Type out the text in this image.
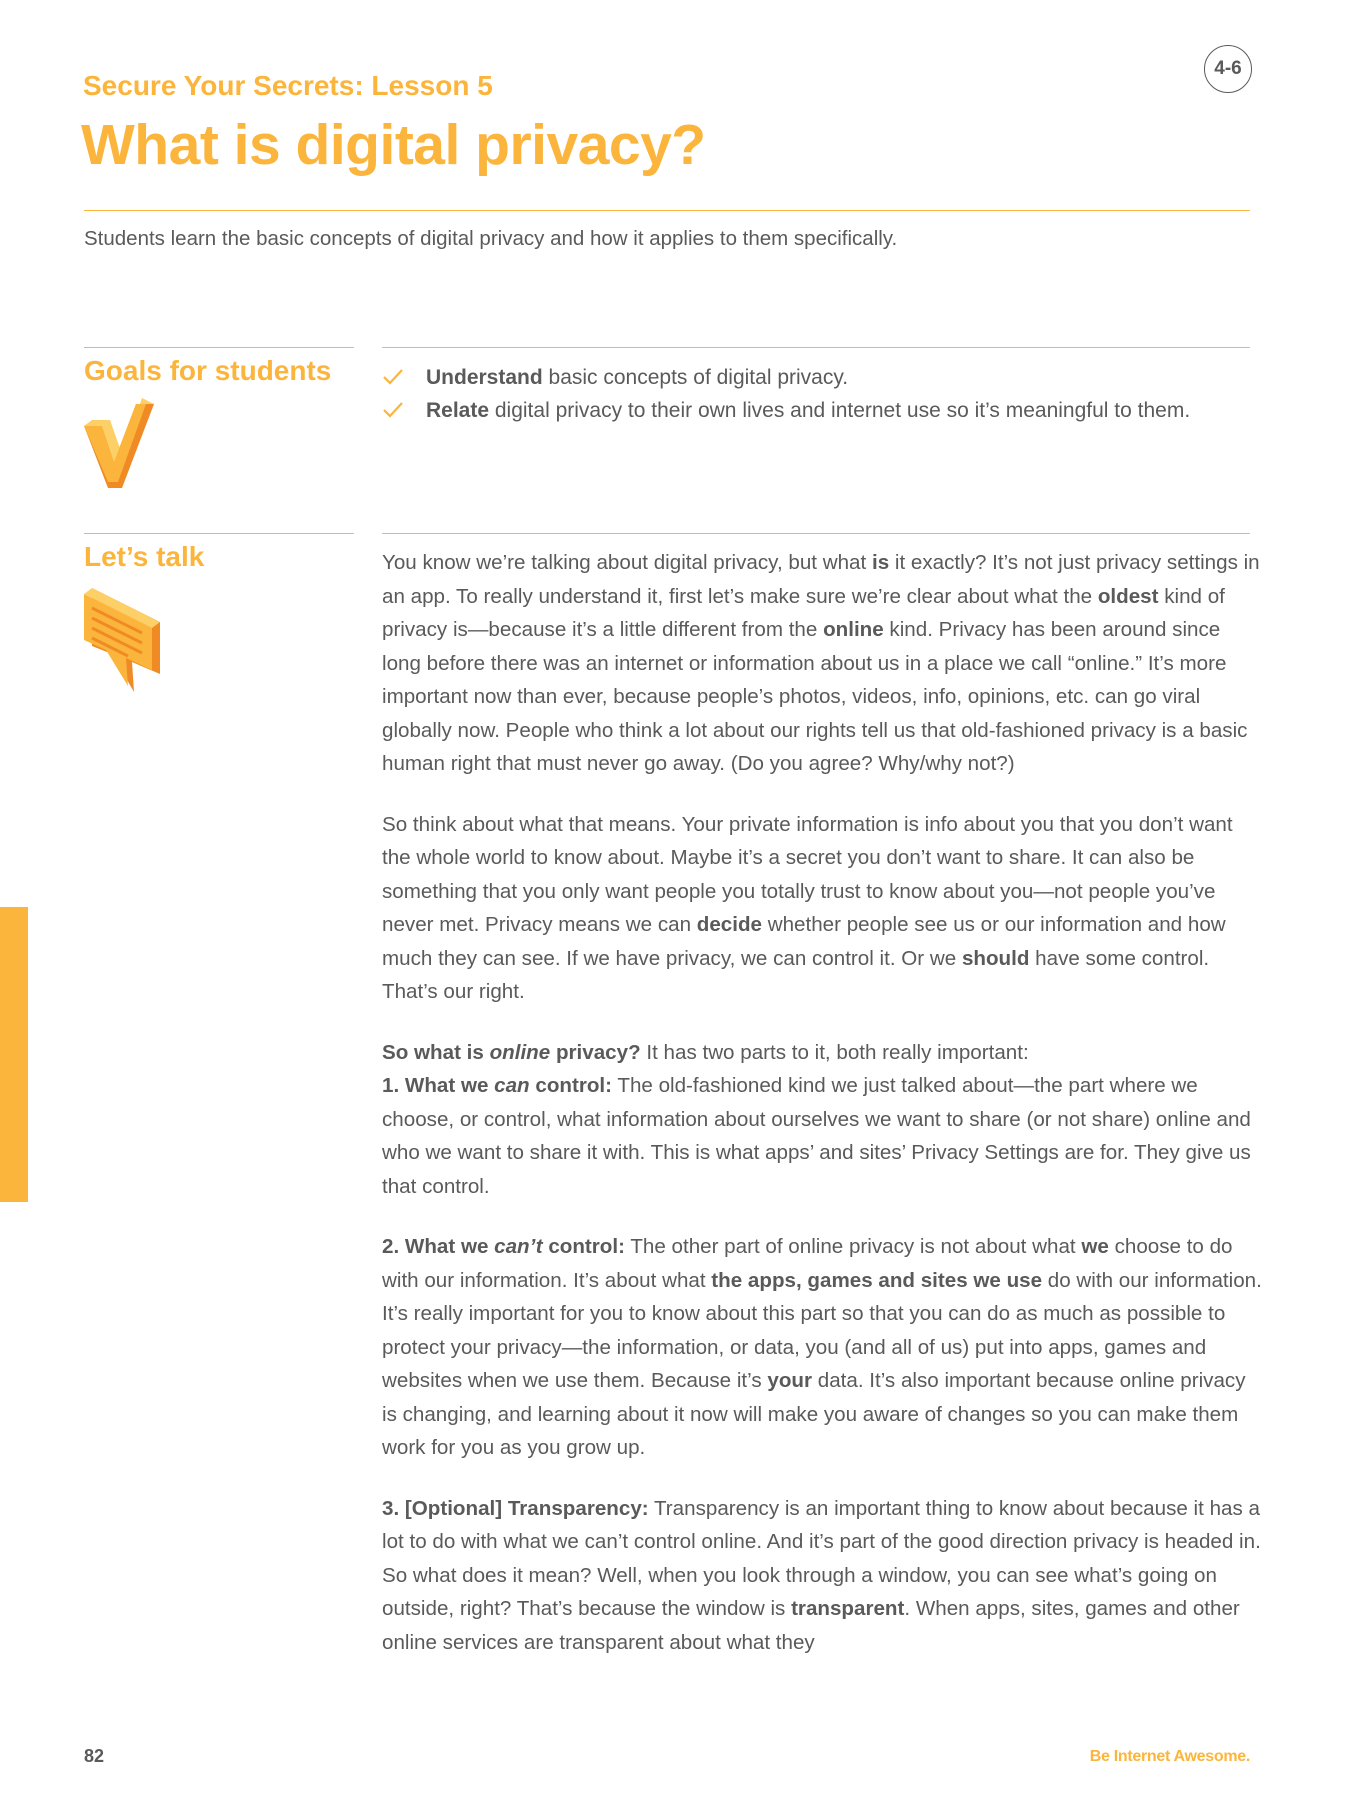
4-6
Secure Your Secrets: Lesson 5
What is digital privacy?
Students learn the basic concepts of digital privacy and how it applies to them specifically.
Goals for students	Understand basic concepts of digital privacy.
Relate digital privacy to their own lives and internet use so it’s meaningful to them.
Let’s talk	You know we’re talking about digital privacy, but what is it exactly? It’s not just privacy settings in an app. To really understand it, first let’s make sure we’re clear about what the oldest kind of privacy is—because it’s a little different from the online kind. Privacy has been around since long before there was an internet or information about us in a place we call “online.” It’s more important now than ever, because people’s photos, videos, info, opinions, etc. can go viral globally now. People who think a lot about our rights tell us that old-fashioned privacy is a basic human right that must never go away. (Do you agree? Why/why not?)

So think about what that means. Your private information is info about you that you don’t want the whole world to know about. Maybe it’s a secret you don’t want to share. It can also be something that you only want people you totally trust to know about you—not people you’ve never met. Privacy means we can decide whether people see us or our information and how much they can see. If we have privacy, we can control it. Or we should have some control. That’s our right.

So what is online privacy? It has two parts to it, both really important:
1. What we can control: The old-fashioned kind we just talked about—the part where we choose, or control, what information about ourselves we want to share (or not share) online and who we want to share it with. This is what apps’ and sites’ Privacy Settings are for. They give us that control.

2. What we can’t control: The other part of online privacy is not about what we choose to do with our information. It’s about what the apps, games and sites we use do with our information. It’s really important for you to know about this part so that you can do as much as possible to protect your privacy—the information, or data, you (and all of us) put into apps, games and websites when we use them. Because it’s your data. It’s also important because online privacy is changing, and learning about it now will make you aware of changes so you can make them work for you as you grow up.

3. [Optional] Transparency: Transparency is an important thing to know about because it has a lot to do with what we can’t control online. And it’s part of the good direction privacy is headed in. So what does it mean? Well, when you look through a window, you can see what’s going on outside, right? That’s because the window is transparent. When apps, sites, games and other online services are transparent about what they

82	Be Internet Awesome.
